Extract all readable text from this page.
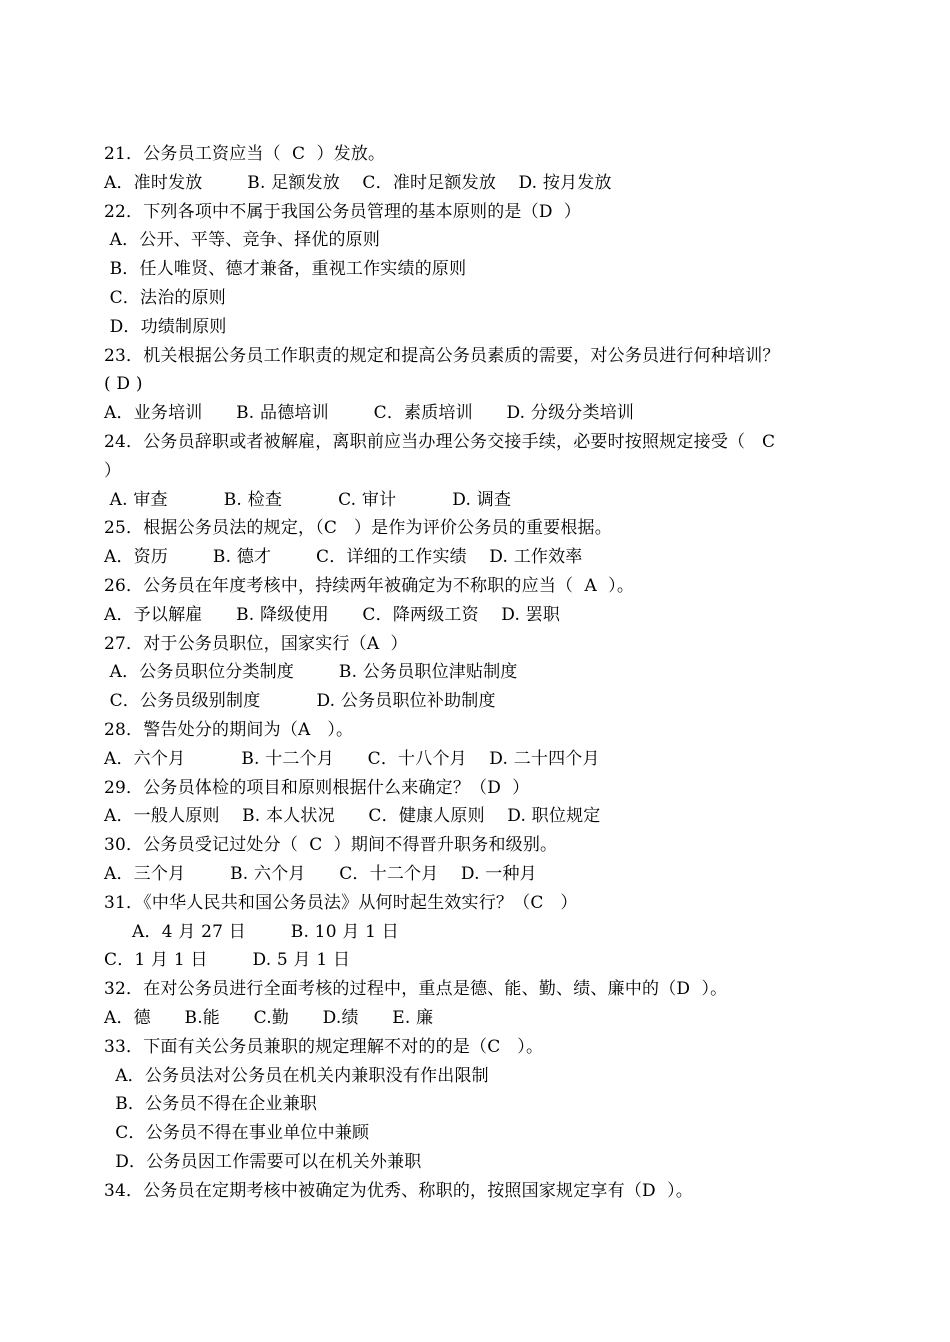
21．公务员工资应当（  C  ）发放。
A．准时发放        B. 足额发放    C．准时足额发放    D. 按月发放
22．下列各项中不属于我国公务员管理的基本原则的是（D  ）
A．公开、平等、竞争、择优的原则
B．任人唯贤、德才兼备，重视工作实绩的原则
C．法治的原则
D．功绩制原则
23．机关根据公务员工作职责的规定和提高公务员素质的需要，对公务员进行何种培训？
( D )
A．业务培训      B. 品德培训        C．素质培训      D. 分级分类培训
24．公务员辞职或者被解雇，离职前应当办理公务交接手续，必要时按照规定接受（   C
）
A. 审查          B. 检查          C. 审计          D. 调查
25．根据公务员法的规定，（C   ）是作为评价公务员的重要根据。
A．资历        B. 德才        C．详细的工作实绩    D. 工作效率
26．公务员在年度考核中，持续两年被确定为不称职的应当（  A  ）。
A．予以解雇      B. 降级使用      C．降两级工资    D. 罢职
27．对于公务员职位，国家实行（A  ）
A．公务员职位分类制度        B. 公务员职位津贴制度
C．公务员级别制度          D. 公务员职位补助制度
28．警告处分的期间为（A   ）。
A．六个月          B. 十二个月      C．十八个月    D. 二十四个月
29．公务员体检的项目和原则根据什么来确定？（D  ）
A．一般人原则    B. 本人状况      C．健康人原则    D. 职位规定
30．公务员受记过处分（  C  ）期间不得晋升职务和级别。
A．三个月        B. 六个月      C．十二个月    D. 一种月
31．《中华人民共和国公务员法》从何时起生效实行？（C   ）
A．4 月 27 日        B. 10 月 1 日
C．1 月 1 日        D. 5 月 1 日
32．在对公务员进行全面考核的过程中，重点是德、能、勤、绩、廉中的（D  ）。
A．德      B.能      C.勤      D.绩      E. 廉
33．下面有关公务员兼职的规定理解不对的的是（C   ）。
A．公务员法对公务员在机关内兼职没有作出限制
B．公务员不得在企业兼职
C．公务员不得在事业单位中兼顾
D．公务员因工作需要可以在机关外兼职
34．公务员在定期考核中被确定为优秀、称职的，按照国家规定享有（D  ）。
